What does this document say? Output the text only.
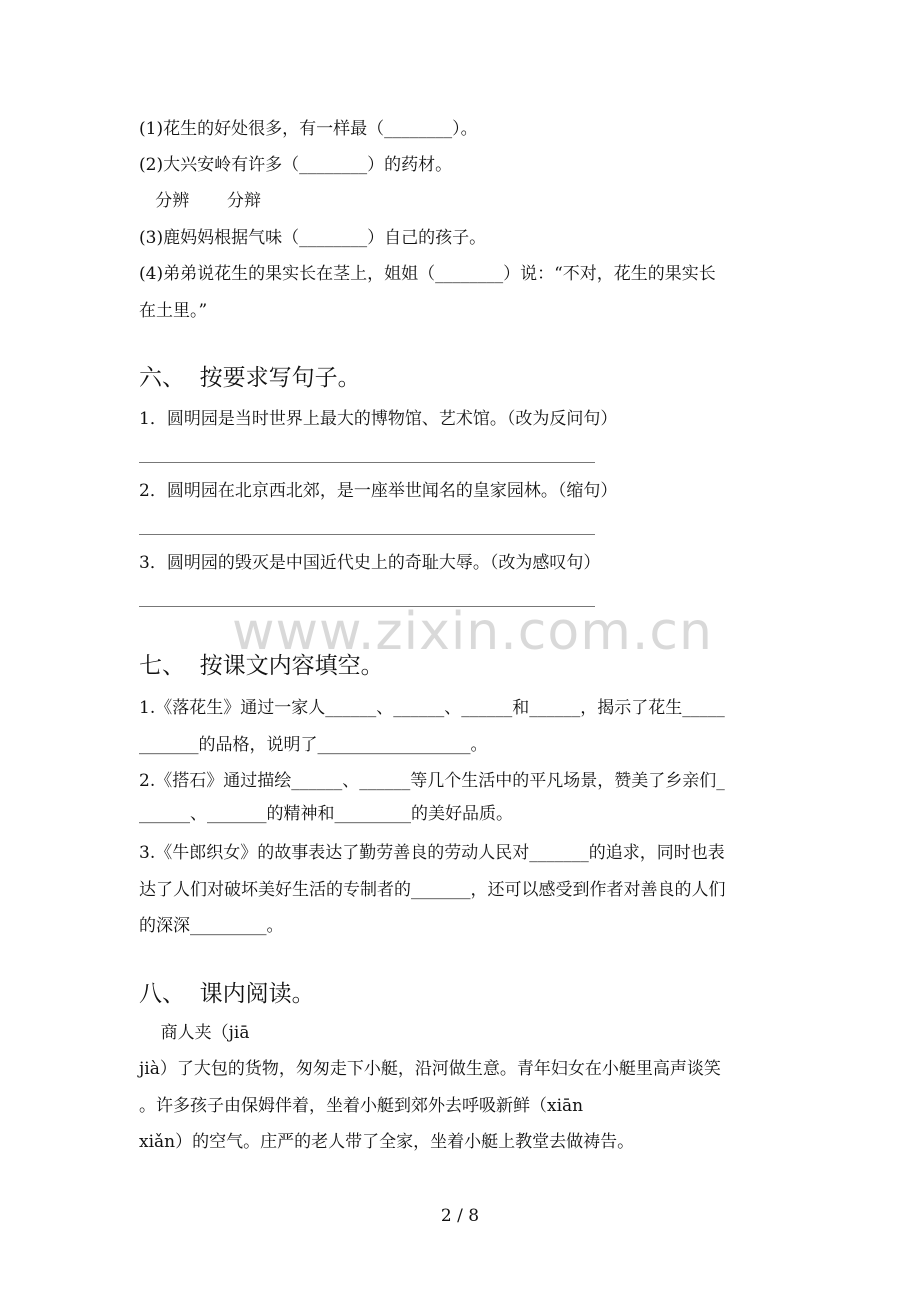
(1)花生的好处很多，有一样最（________）。
(2)大兴安岭有许多（________）的药材。
分辨       分辩
(3)鹿妈妈根据气味（________）自己的孩子。
(4)弟弟说花生的果实长在茎上，姐姐（________）说：“不对，花生的果实长
在土里。”
六、  按要求写句子。
1．圆明园是当时世界上最大的博物馆、艺术馆。（改为反问句）
2．圆明园在北京西北郊，是一座举世闻名的皇家园林。（缩句）
3．圆明园的毁灭是中国近代史上的奇耻大辱。（改为感叹句）
www.zixin.com.cn
七、  按课文内容填空。
1.《落花生》通过一家人______、______、______和______，揭示了花生_____
_______的品格，说明了__________________。
2.《搭石》通过描绘______、______等几个生活中的平凡场景，赞美了乡亲们_
______、_______的精神和_________的美好品质。
3.《牛郎织女》的故事表达了勤劳善良的劳动人民对_______的追求，同时也表
达了人们对破坏美好生活的专制者的_______，还可以感受到作者对善良的人们
的深深_________。
八、  课内阅读。
商人夹（jiā
jià）了大包的货物，匆匆走下小艇，沿河做生意。青年妇女在小艇里高声谈笑
。许多孩子由保姆伴着，坐着小艇到郊外去呼吸新鲜（xiān
xiǎn）的空气。庄严的老人带了全家，坐着小艇上教堂去做祷告。
2 / 8
